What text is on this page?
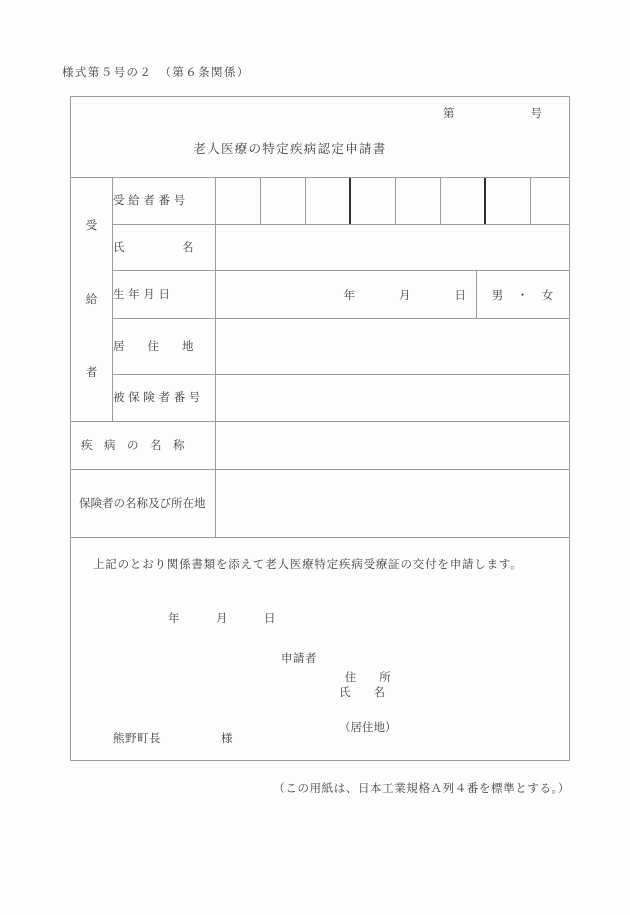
様式第５号の２　（第６条関係）
第　　　　　　号
老人医療の特定疾病認定申請書		

受
給
者	受 給 者 番 号	

	氏　　　　　名	
	生 年 月 日	年 月 日 男　・　女

	居　　住　　地	
	被 保 険 者 番 号	
疾　病　の　名　称		
保険者の名称及び所在地		

上記のとおり関係書類を添えて老人医療特定疾病受療証の交付を申請します。
年　　　月　　　日
申請者

住　　所

（居住地）

氏　　名
熊野町長　　　　　様
（この用紙は、日本工業規格Ａ列４番を標準とする。）
